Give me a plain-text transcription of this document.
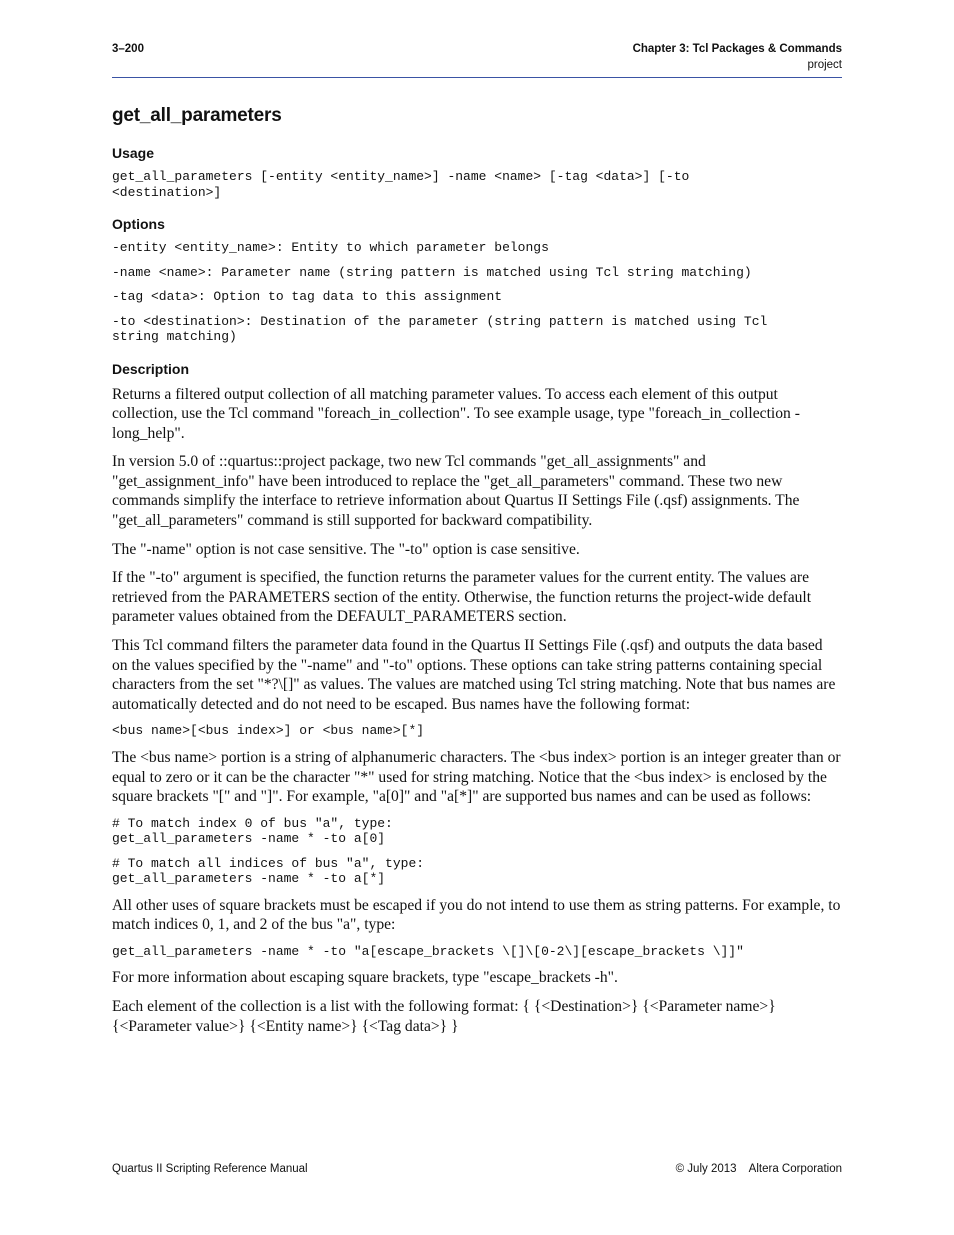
3–200	Chapter 3: Tcl Packages & Commands
project
get_all_parameters
Usage
get_all_parameters [-entity <entity_name>] -name <name> [-tag <data>] [-to
<destination>]
Options
-entity <entity_name>: Entity to which parameter belongs
-name <name>: Parameter name (string pattern is matched using Tcl string matching)
-tag <data>: Option to tag data to this assignment
-to <destination>: Destination of the parameter (string pattern is matched using Tcl
string matching)
Description

Returns a filtered output collection of all matching parameter values. To access each element of this output collection, use the Tcl command "foreach_in_collection". To see example usage, type "foreach_in_collection -long_help".

In version 5.0 of ::quartus::project package, two new Tcl commands "get_all_assignments" and "get_assignment_info" have been introduced to replace the "get_all_parameters" command. These two new commands simplify the interface to retrieve information about Quartus II Settings File (.qsf) assignments. The "get_all_parameters" command is still supported for backward compatibility.

The "-name" option is not case sensitive. The "-to" option is case sensitive.

If the "-to" argument is specified, the function returns the parameter values for the current entity. The values are retrieved from the PARAMETERS section of the entity. Otherwise, the function returns the project-wide default parameter values obtained from the DEFAULT_PARAMETERS section.

This Tcl command filters the parameter data found in the Quartus II Settings File (.qsf) and outputs the data based on the values specified by the "-name" and "-to" options. These options can take string patterns containing special characters from the set "*?\[]" as values. The values are matched using Tcl string matching. Note that bus names are automatically detected and do not need to be escaped. Bus names have the following format:

<bus name>[<bus index>] or <bus name>[*]

The <bus name> portion is a string of alphanumeric characters. The <bus index> portion is an integer greater than or equal to zero or it can be the character "*" used for string matching. Notice that the <bus index> is enclosed by the square brackets "[" and "]". For example, "a[0]" and "a[*]" are supported bus names and can be used as follows:

# To match index 0 of bus "a", type:
get_all_parameters -name * -to a[0]
# To match all indices of bus "a", type:
get_all_parameters -name * -to a[*]

All other uses of square brackets must be escaped if you do not intend to use them as string patterns. For example, to match indices 0, 1, and 2 of the bus "a", type:

get_all_parameters -name * -to "a[escape_brackets \[]\[0-2\][escape_brackets \]]"

For more information about escaping square brackets, type "escape_brackets -h".

Each element of the collection is a list with the following format: { {<Destination>} {<Parameter name>} {<Parameter value>} {<Entity name>} {<Tag data>} }

Quartus II Scripting Reference Manual	© July 2013    Altera Corporation
